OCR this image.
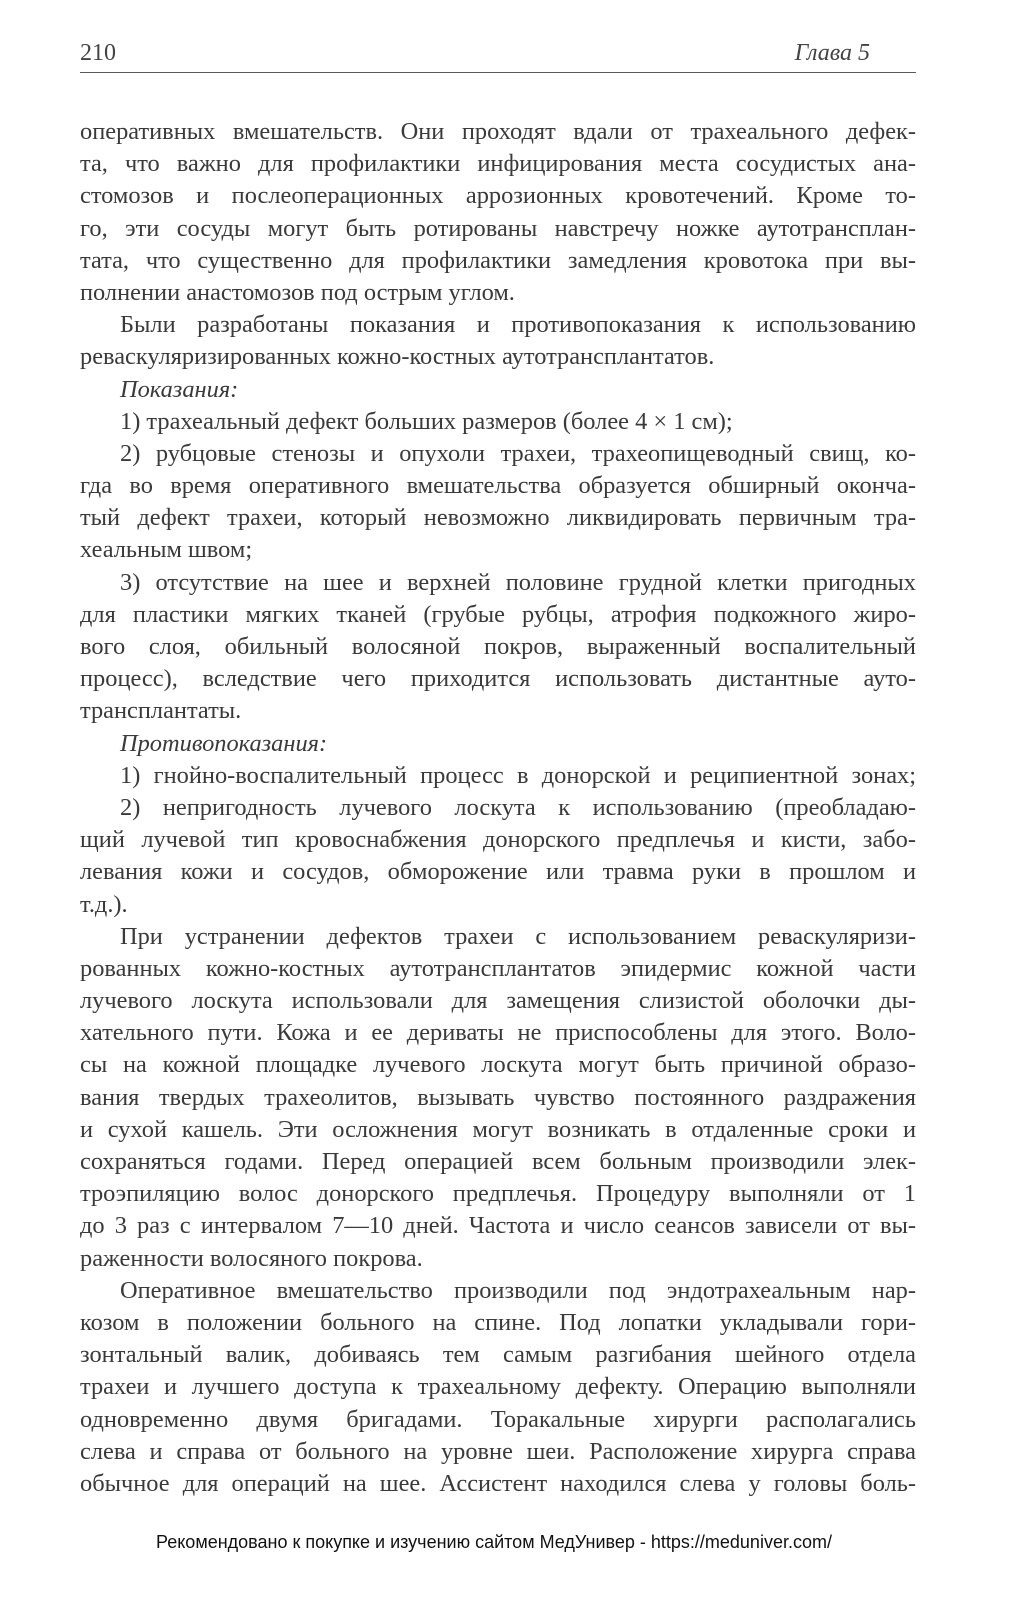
210	Глава 5
оперативных вмешательств. Они проходят вдали от трахеального дефек-
та, что важно для профилактики инфицирования места сосудистых ана-
стомозов и послеоперационных аррозионных кровотечений. Кроме то-
го, эти сосуды могут быть ротированы навстречу ножке аутотрансплан-
тата, что существенно для профилактики замедления кровотока при вы-
полнении анастомозов под острым углом.
Были разработаны показания и противопоказания к использованию
реваскуляризированных кожно-костных аутотрансплантатов.
Показания:
1) трахеальный дефект больших размеров (более 4 × 1 см);
2) рубцовые стенозы и опухоли трахеи, трахеопищеводный свищ, ко-
гда во время оперативного вмешательства образуется обширный оконча-
тый дефект трахеи, который невозможно ликвидировать первичным тра-
хеальным швом;
3) отсутствие на шее и верхней половине грудной клетки пригодных
для пластики мягких тканей (грубые рубцы, атрофия подкожного жиро-
вого слоя, обильный волосяной покров, выраженный воспалительный
процесс), вследствие чего приходится использовать дистантные ауто-
трансплантаты.
Противопоказания:
1) гнойно-воспалительный процесс в донорской и реципиентной зонах;
2) непригодность лучевого лоскута к использованию (преобладаю-
щий лучевой тип кровоснабжения донорского предплечья и кисти, забо-
левания кожи и сосудов, обморожение или травма руки в прошлом и
т.д.).
При устранении дефектов трахеи с использованием реваскуляризи-
рованных кожно-костных аутотрансплантатов эпидермис кожной части
лучевого лоскута использовали для замещения слизистой оболочки ды-
хательного пути. Кожа и ее дериваты не приспособлены для этого. Воло-
сы на кожной площадке лучевого лоскута могут быть причиной образо-
вания твердых трахеолитов, вызывать чувство постоянного раздражения
и сухой кашель. Эти осложнения могут возникать в отдаленные сроки и
сохраняться годами. Перед операцией всем больным производили элек-
троэпиляцию волос донорского предплечья. Процедуру выполняли от 1
до 3 раз с интервалом 7—10 дней. Частота и число сеансов зависели от вы-
раженности волосяного покрова.
Оперативное вмешательство производили под эндотрахеальным нар-
козом в положении больного на спине. Под лопатки укладывали гори-
зонтальный валик, добиваясь тем самым разгибания шейного отдела
трахеи и лучшего доступа к трахеальному дефекту. Операцию выполняли
одновременно двумя бригадами. Торакальные хирурги располагались
слева и справа от больного на уровне шеи. Расположение хирурга справа
обычное для операций на шее. Ассистент находился слева у головы боль-
Рекомендовано к покупке и изучению сайтом МедУнивер - https://meduniver.com/
